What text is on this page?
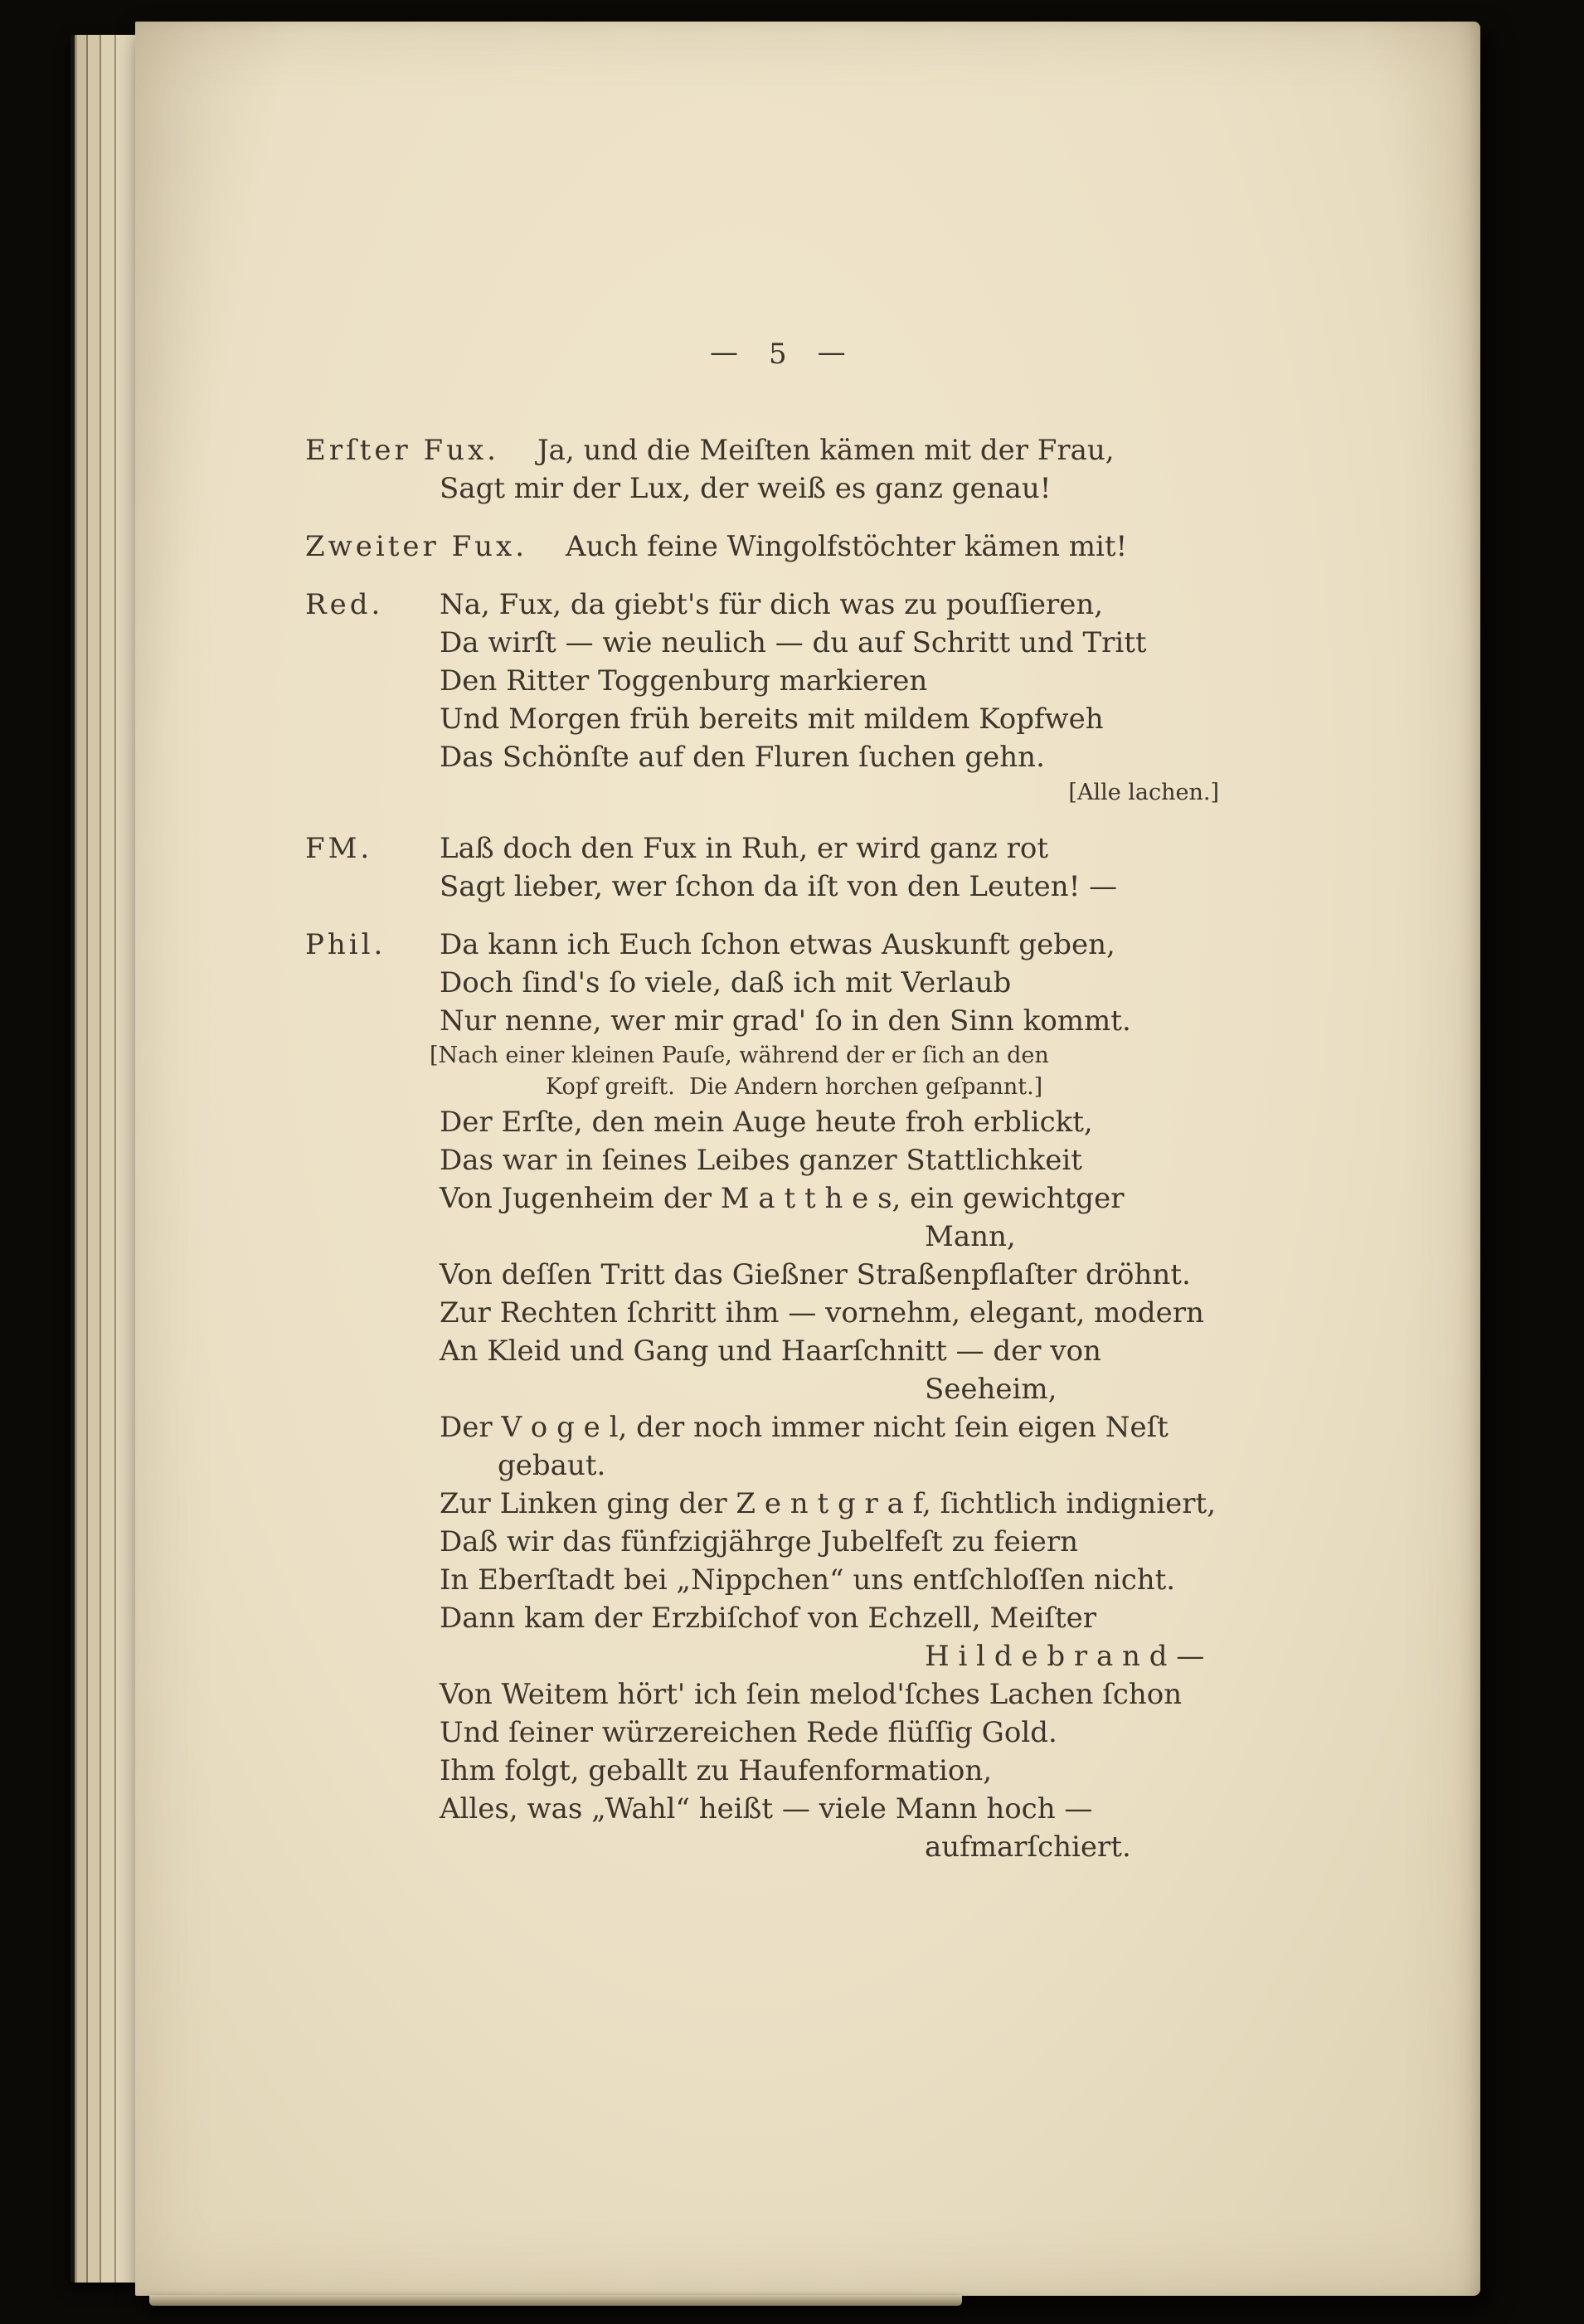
— 5 —
Erſter Fux. Ja, und die Meiſten kämen mit der Frau,
Sagt mir der Lux, der weiß es ganz genau!
Zweiter Fux. Auch feine Wingolfstöchter kämen mit!
Red. Na, Fux, da giebt's für dich was zu pouſſieren,
Da wirſt — wie neulich — du auf Schritt und Tritt
Den Ritter Toggenburg markieren
Und Morgen früh bereits mit mildem Kopfweh
Das Schönſte auf den Fluren ſuchen gehn.
[Alle lachen.]
FM. Laß doch den Fux in Ruh, er wird ganz rot
Sagt lieber, wer ſchon da iſt von den Leuten! —
Phil. Da kann ich Euch ſchon etwas Auskunft geben,
Doch ſind's ſo viele, daß ich mit Verlaub
Nur nenne, wer mir grad' ſo in den Sinn kommt.
[Nach einer kleinen Pauſe, während der er ſich an den
Kopf greift.  Die Andern horchen geſpannt.]
Der Erſte, den mein Auge heute froh erblickt,
Das war in ſeines Leibes ganzer Stattlichkeit
Von Jugenheim der M a t t h e s, ein gewichtger
Mann,
Von deſſen Tritt das Gießner Straßenpflaſter dröhnt.
Zur Rechten ſchritt ihm — vornehm, elegant, modern
An Kleid und Gang und Haarſchnitt — der von
Seeheim,
Der V o g e l, der noch immer nicht ſein eigen Neſt
gebaut.
Zur Linken ging der Z e n t g r a f, ſichtlich indigniert,
Daß wir das fünfzigjährge Jubelfeſt zu feiern
In Eberſtadt bei „Nippchen“ uns entſchloſſen nicht.
Dann kam der Erzbiſchof von Echzell, Meiſter
H i l d e b r a n d —
Von Weitem hört' ich ſein melod'ſches Lachen ſchon
Und ſeiner würzereichen Rede flüſſig Gold.
Ihm folgt, geballt zu Haufenformation,
Alles, was „Wahl“ heißt — viele Mann hoch —
aufmarſchiert.
